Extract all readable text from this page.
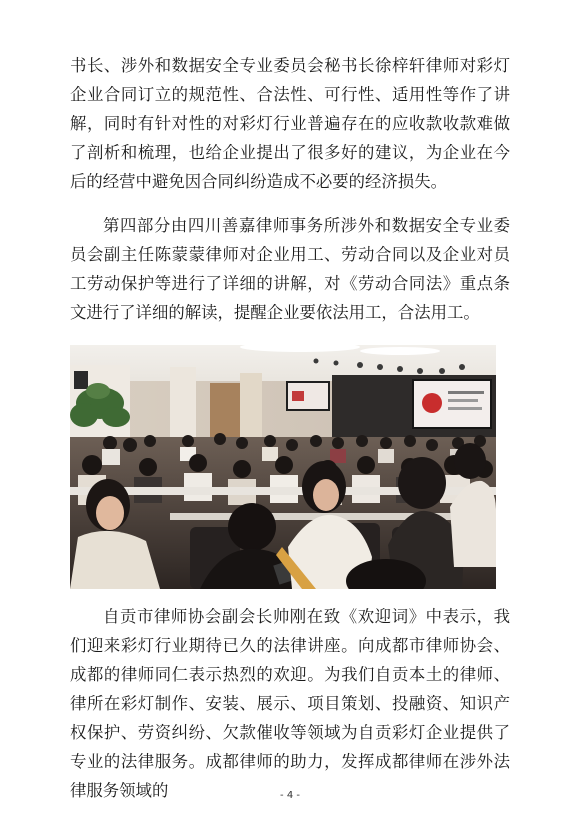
书长、涉外和数据安全专业委员会秘书长徐梓轩律师对彩灯企业合同订立的规范性、合法性、可行性、适用性等作了讲解，同时有针对性的对彩灯行业普遍存在的应收款收款难做了剖析和梳理，也给企业提出了很多好的建议，为企业在今后的经营中避免因合同纠纷造成不必要的经济损失。

第四部分由四川善嘉律师事务所涉外和数据安全专业委员会副主任陈蒙蒙律师对企业用工、劳动合同以及企业对员工劳动保护等进行了详细的讲解，对《劳动合同法》重点条文进行了详细的解读，提醒企业要依法用工，合法用工。

自贡市律师协会副会长帅刚在致《欢迎词》中表示，我们迎来彩灯行业期待已久的法律讲座。向成都市律师协会、成都的律师同仁表示热烈的欢迎。为我们自贡本土的律师、律所在彩灯制作、安装、展示、项目策划、投融资、知识产权保护、劳资纠纷、欠款催收等领域为自贡彩灯企业提供了专业的法律服务。成都律师的助力，发挥成都律师在涉外法律服务领域的	- 4 -
